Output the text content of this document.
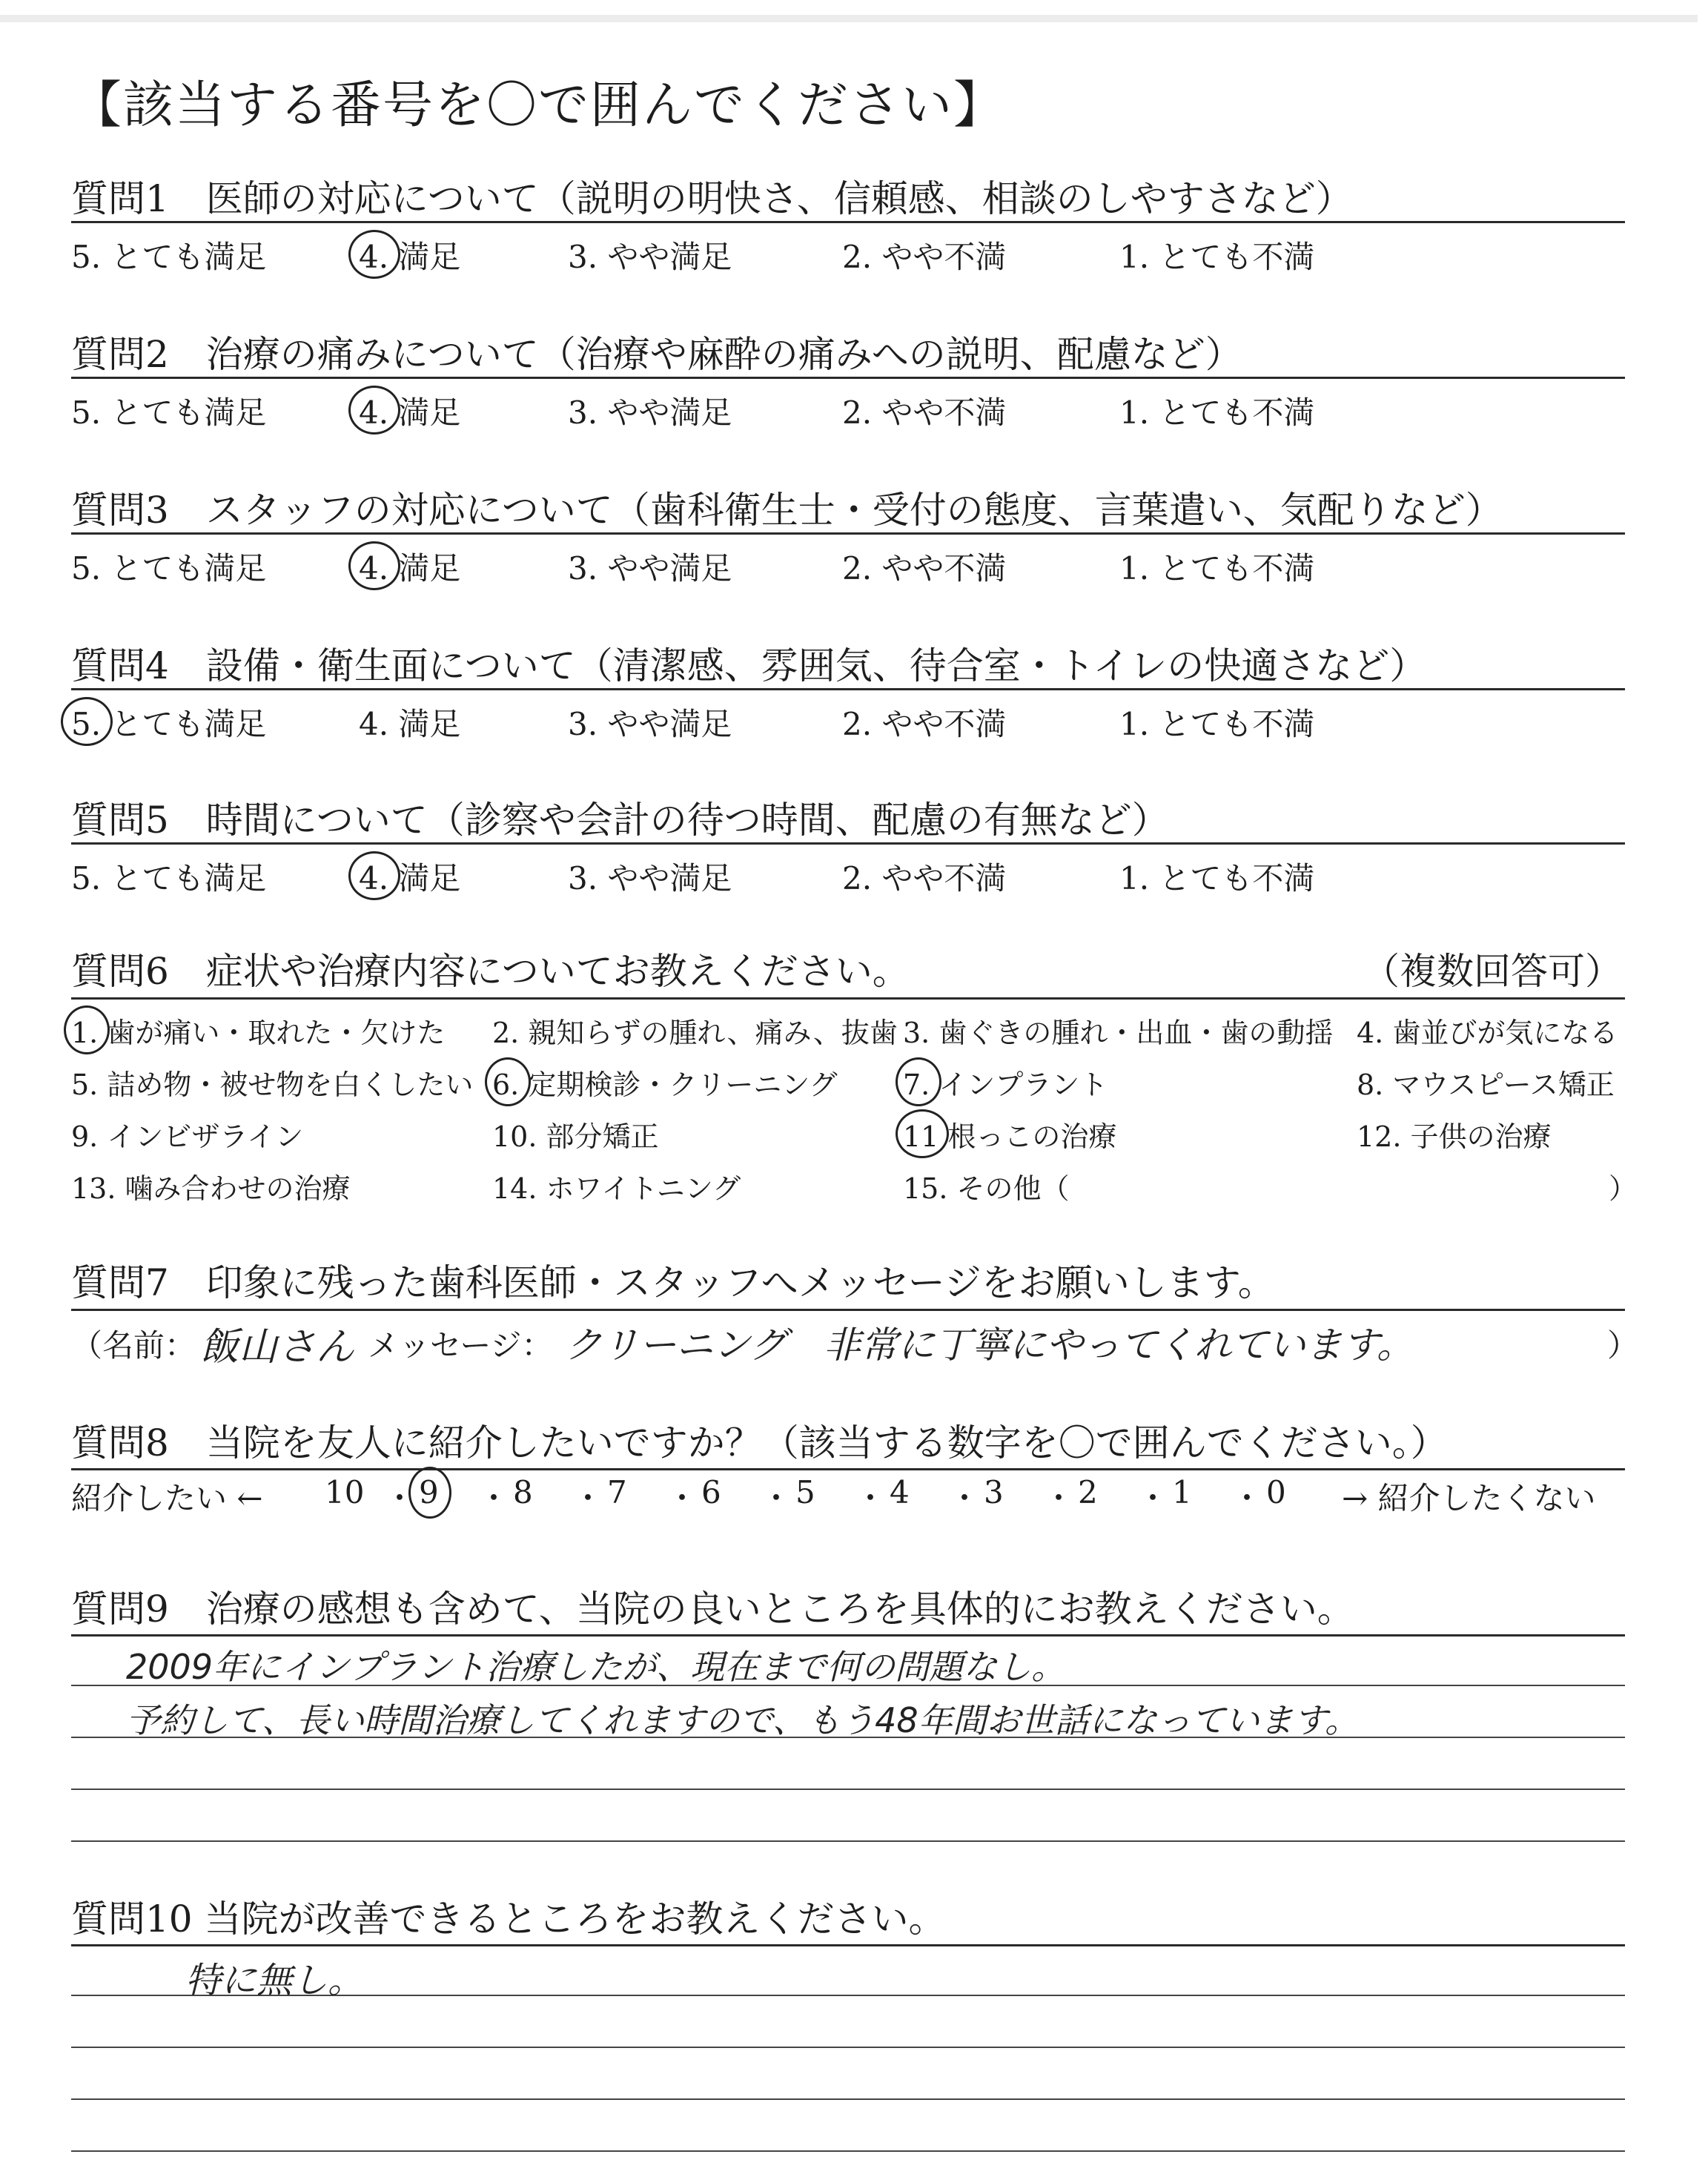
【該当する番号を〇で囲んでください】
質問1　医師の対応について（説明の明快さ、信頼感、相談のしやすさなど）
5. とても満足	4. 満足	3. やや満足	2. やや不満	1. とても不満
質問2　治療の痛みについて（治療や麻酔の痛みへの説明、配慮など）
5. とても満足	4. 満足	3. やや満足	2. やや不満	1. とても不満
質問3　スタッフの対応について（歯科衛生士・受付の態度、言葉遣い、気配りなど）
5. とても満足	4. 満足	3. やや満足	2. やや不満	1. とても不満
質問4　設備・衛生面について（清潔感、雰囲気、待合室・トイレの快適さなど）
5. とても満足	4. 満足	3. やや満足	2. やや不満	1. とても不満
質問5　時間について（診察や会計の待つ時間、配慮の有無など）
5. とても満足	4. 満足	3. やや満足	2. やや不満	1. とても不満
質問6　症状や治療内容についてお教えください。	（複数回答可）
1. 歯が痛い・取れた・欠けた 2. 親知らずの腫れ、痛み、抜歯 3. 歯ぐきの腫れ・出血・歯の動揺 4. 歯並びが気になる
5. 詰め物・被せ物を白くしたい 6. 定期検診・クリーニング 7. インプラント	8. マウスピース矯正
9. インビザライン	10. 部分矯正	11 根っこの治療	12. 子供の治療
13. 噛み合わせの治療	14. ホワイトニング	15. その他（	）
質問7　印象に残った歯科医師・スタッフへメッセージをお願いします。
（名前： 飯山さん メッセージ： クリーニング　非常に丁寧にやってくれています。	）
質問8　当院を友人に紹介したいですか？（該当する数字を〇で囲んでください。）
紹介したい ←	→ 紹介したくない
10 ・ 9 ・ 8 ・ 7 ・ 6 ・ 5 ・ 4 ・ 3 ・ 2 ・ 1 ・ 0
質問9　治療の感想も含めて、当院の良いところを具体的にお教えください。
2009年にインプラント治療したが、現在まで何の問題なし。
予約して、長い時間治療してくれますので、もう48年間お世話になっています。
質問10 当院が改善できるところをお教えください。
特に無し。
